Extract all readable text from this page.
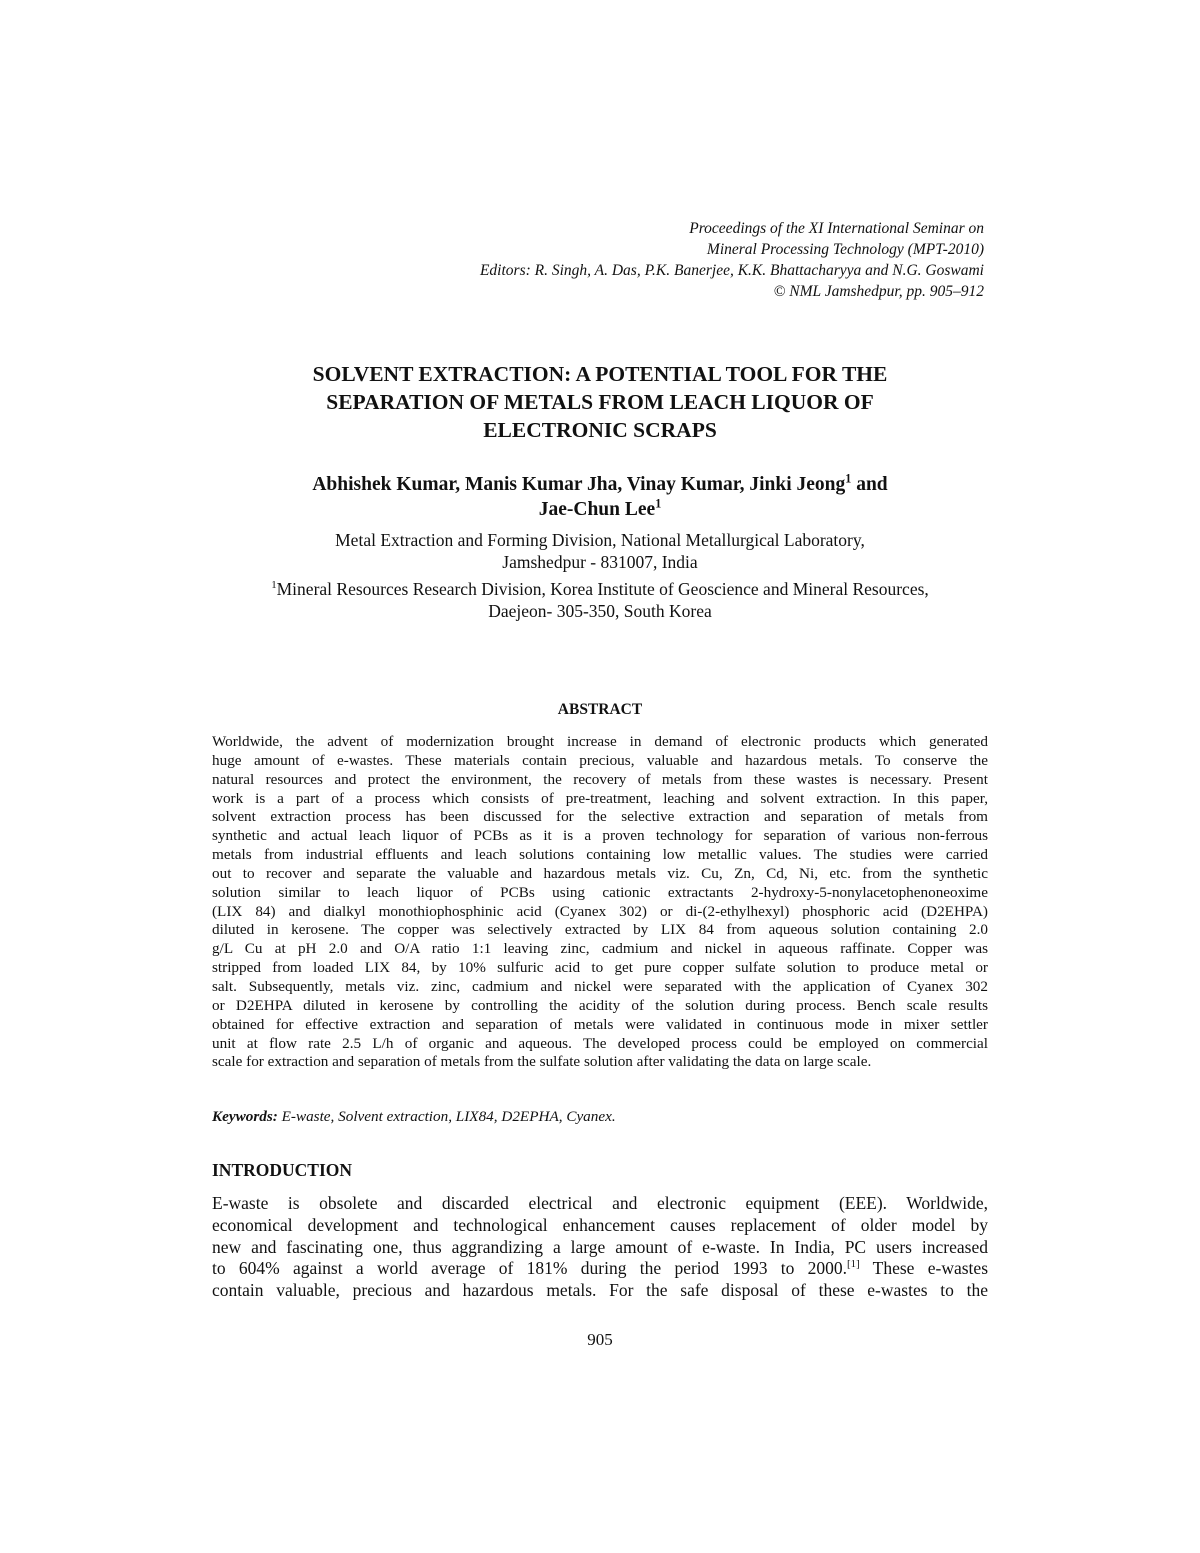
Proceedings of the XI International Seminar on
Mineral Processing Technology (MPT-2010)
Editors: R. Singh, A. Das, P.K. Banerjee, K.K. Bhattacharyya and N.G. Goswami
© NML Jamshedpur, pp. 905–912
SOLVENT EXTRACTION: A POTENTIAL TOOL FOR THE
SEPARATION OF METALS FROM LEACH LIQUOR OF
ELECTRONIC SCRAPS
Abhishek Kumar, Manis Kumar Jha, Vinay Kumar, Jinki Jeong$^1$ and
Jae-Chun Lee$^1$
Metal Extraction and Forming Division, National Metallurgical Laboratory,
Jamshedpur - 831007, India
$^1$Mineral Resources Research Division, Korea Institute of Geoscience and Mineral Resources,
Daejeon- 305-350, South Korea
ABSTRACT
Worldwide, the advent of modernization brought increase in demand of electronic products which generated
huge amount of e-wastes. These materials contain precious, valuable and hazardous metals. To conserve the
natural resources and protect the environment, the recovery of metals from these wastes is necessary. Present
work is a part of a process which consists of pre-treatment, leaching and solvent extraction. In this paper,
solvent extraction process has been discussed for the selective extraction and separation of metals from
synthetic and actual leach liquor of PCBs as it is a proven technology for separation of various non-ferrous
metals from industrial effluents and leach solutions containing low metallic values. The studies were carried
out to recover and separate the valuable and hazardous metals viz. Cu, Zn, Cd, Ni, etc. from the synthetic
solution similar to leach liquor of PCBs using cationic extractants 2-hydroxy-5-nonylacetophenoneoxime
(LIX 84) and dialkyl monothiophosphinic acid (Cyanex 302) or di-(2-ethylhexyl) phosphoric acid (D2EHPA)
diluted in kerosene. The copper was selectively extracted by LIX 84 from aqueous solution containing 2.0
g/L Cu at pH 2.0 and O/A ratio 1:1 leaving zinc, cadmium and nickel in aqueous raffinate. Copper was
stripped from loaded LIX 84, by 10% sulfuric acid to get pure copper sulfate solution to produce metal or
salt. Subsequently, metals viz. zinc, cadmium and nickel were separated with the application of Cyanex 302
or D2EHPA diluted in kerosene by controlling the acidity of the solution during process. Bench scale results
obtained for effective extraction and separation of metals were validated in continuous mode in mixer settler
unit at flow rate 2.5 L/h of organic and aqueous. The developed process could be employed on commercial
scale for extraction and separation of metals from the sulfate solution after validating the data on large scale.
Keywords: E-waste, Solvent extraction, LIX84, D2EPHA, Cyanex.
INTRODUCTION
E-waste is obsolete and discarded electrical and electronic equipment (EEE). Worldwide,
economical development and technological enhancement causes replacement of older model by
new and fascinating one, thus aggrandizing a large amount of e-waste. In India, PC users increased
to 604% against a world average of 181% during the period 1993 to 2000.[1] These e-wastes
contain valuable, precious and hazardous metals. For the safe disposal of these e-wastes to the
905
